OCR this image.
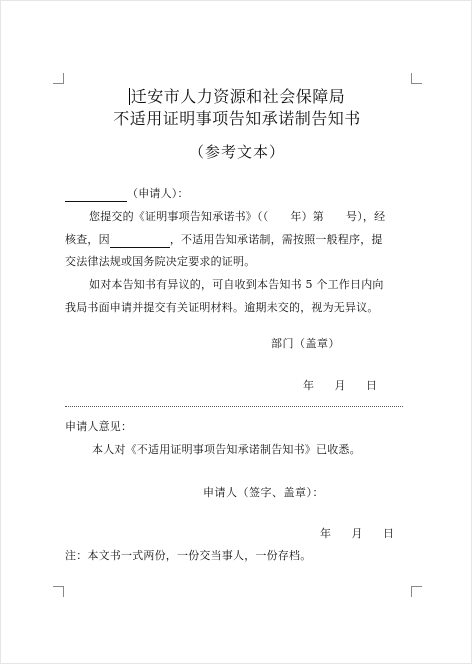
迁安市人力资源和社会保障局
不适用证明事项告知承诺制告知书
（参考文本）
（申请人）：
您提交的《证明事项告知承诺书》（（ 年）第 号），经
核查，因	，不适用告知承诺制，需按照一般程序，提
交法律法规或国务院决定要求的证明。
如对本告知书有异议的，可自收到本告知书 5 个工作日内向
我局书面申请并提交有关证明材料。逾期未交的，视为无异议。
部门（盖章）
年 月 日
申请人意见：
本人对《不适用证明事项告知承诺制告知书》已收悉。
申请人（签字、盖章）：
年 月 日
注：本文书一式两份，一份交当事人，一份存档。
